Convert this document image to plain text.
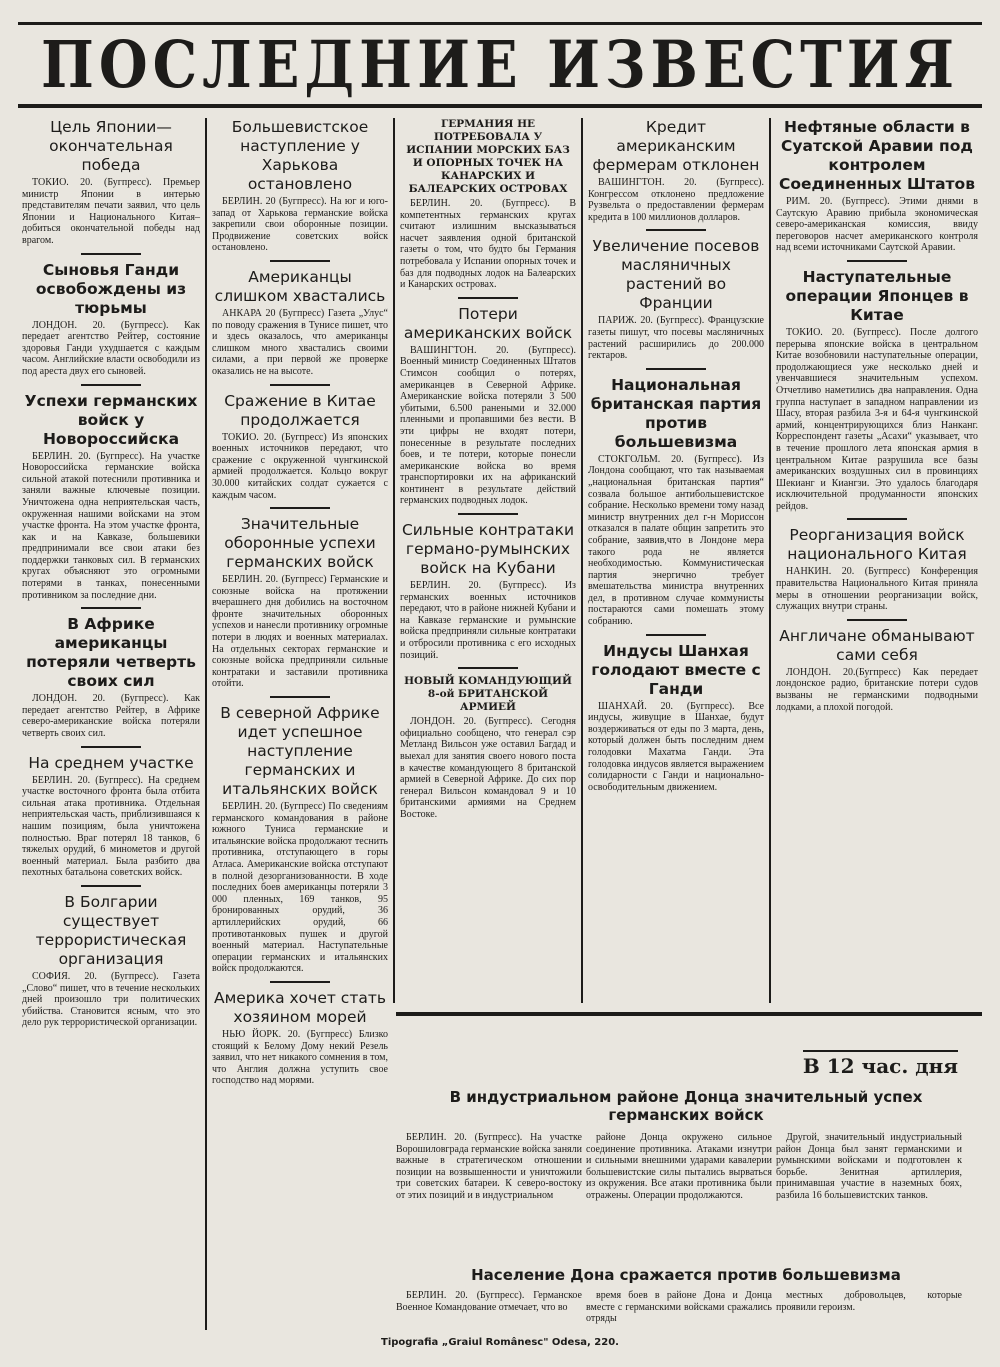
ПОСЛЕДНИЕ ИЗВЕСТИЯ
Цель Японии—окончательная победа
ТОКИО. 20. (Бугпресс). Премьер министр Японии в интерью представителям печати заявил, что цель Японии и Национального Китая–добиться окончательной победы над врагом.
Сыновья Ганди освобождены из тюрьмы
ЛОНДОН. 20. (Бугпресс). Как передает агентство Рейтер, состояние здоровья Ганди ухудшается с каждым часом. Английские власти освободили из под ареста двух его сыновей.
Успехи германских войск у Новороссийска
БЕРЛИН. 20. (Бугпресс). На участке Новороссийска германские войска сильной атакой потеснили противника и заняли важные ключевые позиции. Уничтожена одна неприятельская часть, окруженная нашими войсками на этом участке фронта. На этом участке фронта, как и на Кавказе, большевики предпринимали все свои атаки без поддержки танковых сил. В германских кругах объясняют это огромными потерями в танках, понесенными противником за последние дни.
В Африке американцы потеряли четверть своих сил
ЛОНДОН. 20. (Бугпресс). Как передает агентство Рейтер, в Африке северо-американские войска потеряли четверть своих сил.
На среднем участке
БЕРЛИН. 20. (Бугпресс). На среднем участке восточного фронта была отбита сильная атака противника. Отдельная неприятельская часть, приблизившаяся к нашим позициям, была уничтожена полностью. Враг потерял 18 танков, 6 тяжелых орудий, 6 минометов и другой военный материал. Была разбито два пехотных батальона советских войск.
В Болгарии существует террористическая организация
СОФИЯ. 20. (Бугпресс). Газета „Слово“ пишет, что в течение нескольких дней произошло три политических убийства. Становится ясным, что это дело рук террористической организации.
Большевистское наступление у Харькова остановлено
БЕРЛИН. 20 (Бугпресс). На юг и юго-запад от Харькова германские войска закрепили свои оборонные позиции. Продвижение советских войск остановлено.
Американцы слишком хвастались
АНКАРА 20 (Бугпресс) Газета „Улус“ по поводу сражения в Тунисе пишет, что и здесь оказалось, что американцы слишком много хвастались своими силами, а при первой же проверке оказались не на высоте.
Сражение в Китае продолжается
ТОКИО. 20. (Бугпресс) Из японских военных источников передают, что сражение с окруженной чунгкинской армией продолжается. Кольцо вокруг 30.000 китайских солдат сужается с каждым часом.
Значительные оборонные успехи германских войск
БЕРЛИН. 20. (Бугпресс) Германские и союзные войска на протяжении вчерашнего дня добились на восточном фронте значительных оборонных успехов и нанесли противнику огромные потери в людях и военных материалах. На отдельных секторах германские и союзные войска предприняли сильные контратаки и заставили противника отойти.
В северной Африке идет успешное наступление германских и итальянских войск
БЕРЛИН. 20. (Бугпресс) По сведениям германского командования в районе южного Туниса германские и итальянские войска продолжают теснить противника, отступающего в горы Атласа. Американские войска отступают в полной дезорганизованности. В ходе последних боев американцы потеряли 3 000 пленных, 169 танков, 95 бронированных орудий, 36 артиллерийских орудий, 66 противотанковых пушек и другой военный материал. Наступательные операции германских и итальянских войск продолжаются.
Америка хочет стать хозяином морей
НЬЮ ЙОРК. 20. (Бугпресс) Близко стоящий к Белому Дому некий Резель заявил, что нет никакого сомнения в том, что Англия должна уступить свое господство над морями.
ГЕРМАНИЯ НЕ ПОТРЕБОВАЛА У ИСПАНИИ МОРСКИХ БАЗ И ОПОРНЫХ ТОЧЕК НА КАНАРСКИХ И БАЛЕАРСКИХ ОСТРОВАХ
БЕРЛИН. 20. (Бугпресс). В компетентных германских кругах считают излишним высказываться насчет заявления одной британской газеты о том, что будто бы Германия потребовала у Испании опорных точек и баз для подводных лодок на Балеарских и Канарских островах.
Потери американских войск
ВАШИНГТОН. 20. (Бугпресс). Военный министр Соединенных Штатов Стимсон сообщил о потерях, американцев в Северной Африке. Американские войска потеряли 3 500 убитыми, 6.500 ранеными и 32.000 пленными и пропавшими без вести. В эти цифры не входят потери, понесенные в результате последних боев, и те потери, которые понесли американские войска во время транспортировки их на африканский континент в результате действий германских подводных лодок.
Сильные контратаки германо-румынских войск на Кубани
БЕРЛИН. 20. (Бугпресс). Из германских военных источников передают, что в районе нижней Кубани и на Кавказе германские и румынские войска предприняли сильные контратаки и отбросили противника с его исходных позиций.
НОВЫЙ КОМАНДУЮЩИЙ 8-ой БРИТАНСКОЙ АРМИЕЙ
ЛОНДОН. 20. (Бугпресс). Сегодня официально сообщено, что генерал сэр Метланд Вильсон уже оставил Багдад и выехал для занятия своего нового поста в качестве командующего 8 британской армией в Северной Африке. До сих пор генерал Вильсон командовал 9 и 10 британскими армиями на Среднем Востоке.
Кредит американским фермерам отклонен
ВАШИНГТОН. 20. (Бугпресс). Конгрессом отклонено предложение Рузвельта о предоставлении фермерам кредита в 100 миллионов долларов.
Увеличение посевов масляничных растений во Франции
ПАРИЖ. 20. (Бугпресс). Французские газеты пишут, что посевы масляничных растений расширились до 200.000 гектаров.
Национальная британская партия против большевизма
СТОКГОЛЬМ. 20. (Бугпресс). Из Лондона сообщают, что так называемая „национальная британская партия“ созвала большое антибольшевистское собрание. Несколько времени тому назад министр внутренних дел г-н Мориссон отказался в палате общин запретить это собрание, заявив,что в Лондоне мера такого рода не является необходимостью. Коммунистическая партия энергично требует вмешательства министра внутренних дел, в противном случае коммунисты постараются сами помешать этому собранию.
Индусы Шанхая голодают вместе с Ганди
ШАНХАЙ. 20. (Бугпресс). Все индусы, живущие в Шанхае, будут воздерживаться от еды по 3 марта, день, который должен быть последним днем голодовки Махатма Ганди. Эта голодовка индусов является выражением солидарности с Ганди и национально-освободительным движением.
Нефтяные области в Суатской Аравии под контролем Соединенных Штатов
РИМ. 20. (Бугпресс). Этими днями в Саутскую Аравию прибыла экономическая северо-американская комиссия, ввиду переговоров насчет американского контроля над всеми источниками Саутской Аравии.
Наступательные операции Японцев в Китае
ТОКИО. 20. (Бугпресс). После долгого перерыва японские войска в центральном Китае возобновили наступательные операции, продолжающиеся уже несколько дней и увенчавшиеся значительным успехом. Отчетливо наметились два направления. Одна группа наступает в западном направлении из Шасу, вторая разбила 3-я и 64-я чунгкинской армий, концентрирующихся близ Нанканг. Корреспондент газеты „Асахи“ указывает, что в течение прошлого лета японская армия в центральном Китае разрушила все базы американских воздушных сил в провинциях Шекианг и Киангзи. Это удалось благодаря исключительной продуманности японских рейдов.
Реорганизация войск национального Китая
НАНКИН. 20. (Бугпресс) Конференция правительства Национального Китая приняла меры в отношении реорганизации войск, служащих внутри страны.
Англичане обманывают сами себя
ЛОНДОН. 20.(Бугпресс) Как передает лондонское радио, британские потери судов вызваны не германскими подводными лодками, а плохой погодой.
В 12 час. дня
В индустриальном районе Донца значительный успех германских войск
БЕРЛИН. 20. (Бугпресс). На участке Ворошиловграда германские войска заняли важные в стратегическом отношении позиции на возвышенности и уничтожили три советских батареи. К северо-востоку от этих позиций и в индустриальном
районе Донца окружено сильное соединение противника. Атаками изнутри и сильными внешними ударами кавалерии большевистские силы пытались вырваться из окружения. Все атаки противника были отражены. Операции продолжаются.
Другой, значительный индустриальный район Донца был занят германскими и румынскими войсками и подготовлен к борьбе. Зенитная артиллерия, принимавшая участие в наземных боях, разбила 16 большевистских танков.
Население Дона сражается против большевизма
БЕРЛИН. 20. (Бугпресс). Германское Военное Командование отмечает, что во
время боев в районе Дона и Донца вместе с германскими войсками сражались отряды
местных добровольцев, которые проявили героизм.
Tipografia „Graiul Românesc" Odesa, 220.
